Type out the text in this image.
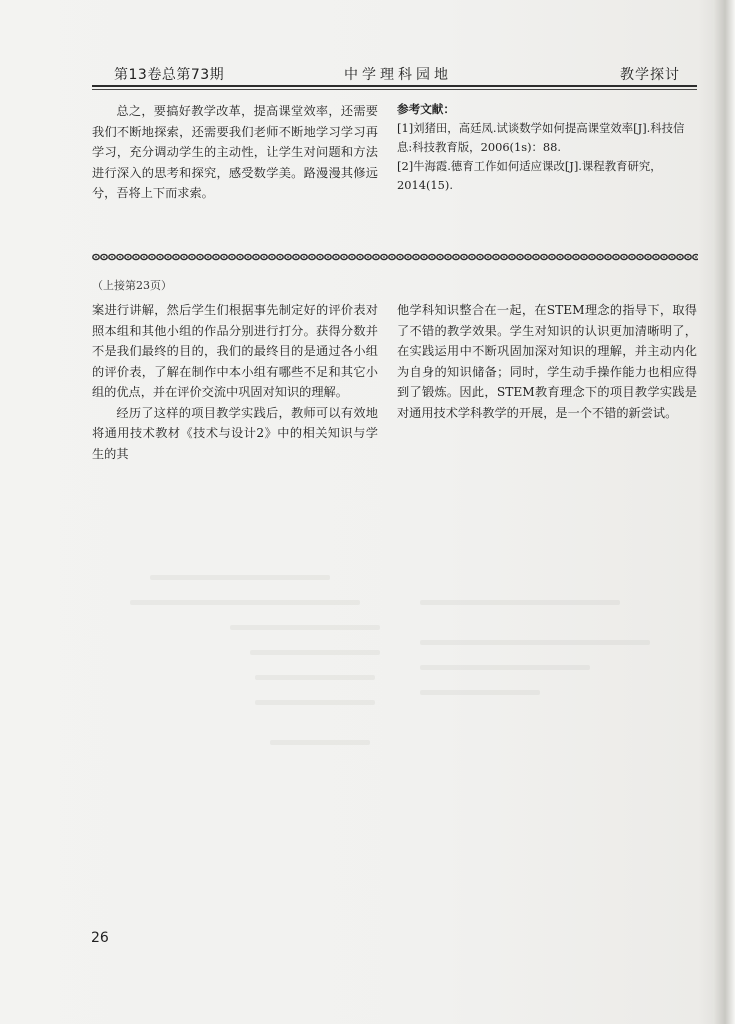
第13卷总第73期	中学理科园地	教学探讨
总之，要搞好教学改革，提高课堂效率，还需要我们不断地探索，还需要我们老师不断地学习学习再学习，充分调动学生的主动性，让学生对问题和方法进行深入的思考和探究，感受数学美。路漫漫其修远兮，吾将上下而求索。
参考文献：

[1]刘猪田，高廷凤.试谈数学如何提高课堂效率[J].科技信息:科技教育版，2006(1s)：88.

[2]牛海霞.德育工作如何适应课改[J].课程教育研究，2014(15).

（上接第23页）

案进行讲解，然后学生们根据事先制定好的评价表对照本组和其他小组的作品分别进行打分。获得分数并不是我们最终的目的，我们的最终目的是通过各小组的评价表，了解在制作中本小组有哪些不足和其它小组的优点，并在评价交流中巩固对知识的理解。

经历了这样的项目教学实践后，教师可以有效地将通用技术教材《技术与设计2》中的相关知识与学生的其

他学科知识整合在一起，在STEM理念的指导下，取得了不错的教学效果。学生对知识的认识更加清晰明了，在实践运用中不断巩固加深对知识的理解，并主动内化为自身的知识储备；同时，学生动手操作能力也相应得到了锻炼。因此，STEM教育理念下的项目教学实践是对通用技术学科教学的开展，是一个不错的新尝试。
26
